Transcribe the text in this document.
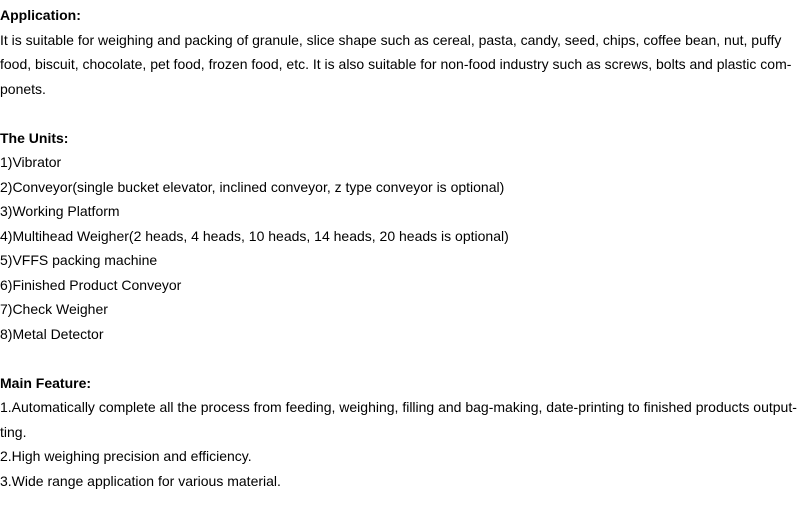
Application:
It is suitable for weighing and packing of granule, slice shape such as cereal, pasta, candy, seed, chips, coffee bean, nut, puffy
food, biscuit, chocolate, pet food, frozen food, etc. It is also suitable for non-food industry such as screws, bolts and plastic com-
ponets.
The Units:
1)Vibrator
2)Conveyor(single bucket elevator, inclined conveyor, z type conveyor is optional)
3)Working Platform
4)Multihead Weigher(2 heads, 4 heads, 10 heads, 14 heads, 20 heads is optional)
5)VFFS packing machine
6)Finished Product Conveyor
7)Check Weigher
8)Metal Detector
Main Feature:
1.Automatically complete all the process from feeding, weighing, filling and bag-making, date-printing to finished products output-
ting.
2.High weighing precision and efficiency.
3.Wide range application for various material.
